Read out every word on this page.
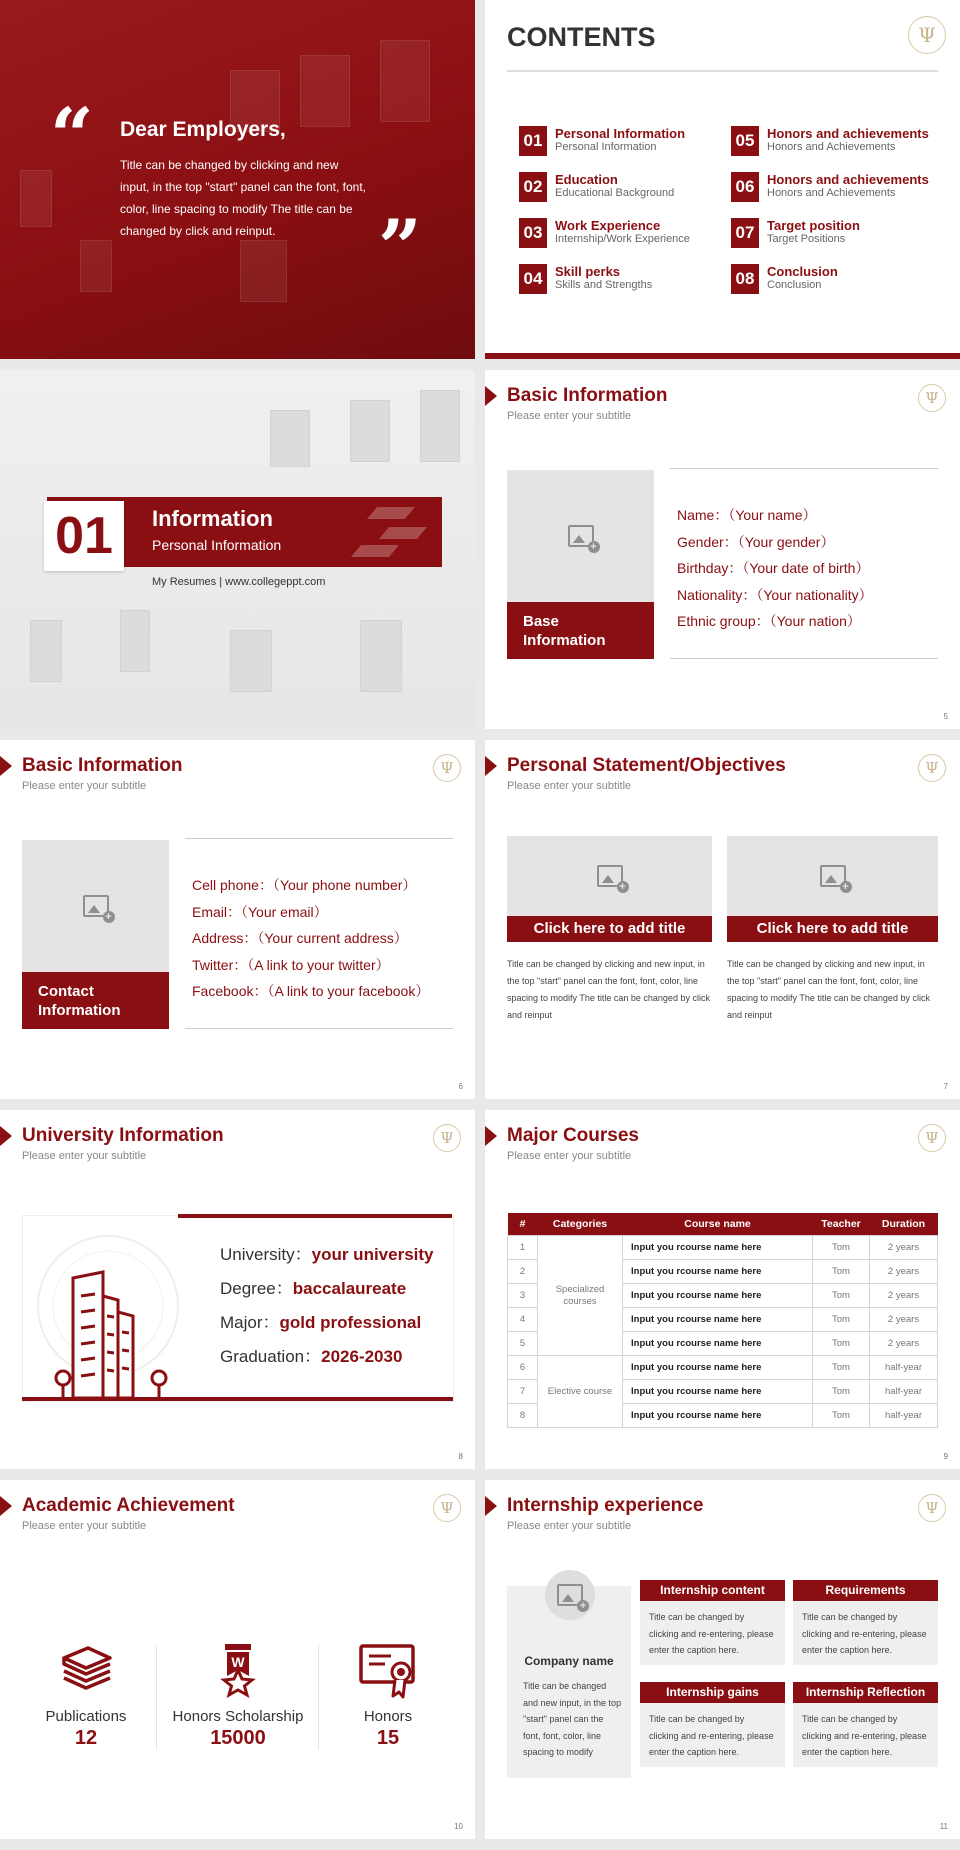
“ Dear Employers,
Title can be changed by clicking and new input, in the top "start" panel can the font, font, color, line spacing to modify The title can be changed by click and reinput.	”
CONTENTS	Ψ
01 Personal Information
Personal Information
02 Education
Educational Background
03 Work Experience
Internship/Work Experience
04 Skill perks
Skills and Strengths
05 Honors and achievements
Honors and Achievements
06 Honors and achievements
Honors and Achievements
07 Target position
Target Positions
08 Conclusion
Conclusion
01	Information
Personal Information
My Resumes | www.collegeppt.com
Basic Information
Please enter your subtitle
Ψ
+
Base Information
Name：（Your name）
Gender：（Your gender）
Birthday：（Your date of birth）
Nationality：（Your nationality）
Ethnic group：（Your nation）
5
Basic Information
Please enter your subtitle
Ψ
+
Contact Information
Cell phone：（Your phone number）
Email：（Your email）
Address：（Your current address）
Twitter：（A link to your twitter）
Facebook：（A link to your facebook）
6
Personal Statement/Objectives
Please enter your subtitle
Ψ
+
Click here to add title
Title can be changed by clicking and new input, in the top "start" panel can the font, font, color, line spacing to modify The title can be changed by click and reinput
+
Click here to add title
Title can be changed by clicking and new input, in the top "start" panel can the font, font, color, line spacing to modify The title can be changed by click and reinput
7
University Information
Please enter your subtitle
Ψ
University：your university
Degree：baccalaureate
Major：gold professional
Graduation：2026-2030
8
Major Courses
Please enter your subtitle
Ψ
#	Categories	Course name	Teacher	Duration
1	Specialized courses	Input you rcourse name here	Tom	2 years
2		Input you rcourse name here	Tom	2 years
3		Input you rcourse name here	Tom	2 years
4		Input you rcourse name here	Tom	2 years
5		Input you rcourse name here	Tom	2 years
6	Elective course	Input you rcourse name here	Tom	half-year
7		Input you rcourse name here	Tom	half-year
8		Input you rcourse name here	Tom	half-year
9
Academic Achievement
Please enter your subtitle
Ψ
Publications
12
W
Honors Scholarship
15000
Honors
15
10
Internship experience
Please enter your subtitle
Ψ
+
Company name
Title can be changed and new input, in the top "start" panel can the font, font, color, line spacing to modify
Internship content
Title can be changed by clicking and re-entering, please enter the caption here.
Requirements
Title can be changed by clicking and re-entering, please enter the caption here.
Internship gains
Title can be changed by clicking and re-entering, please enter the caption here.
Internship Reflection
Title can be changed by clicking and re-entering, please enter the caption here.
11
